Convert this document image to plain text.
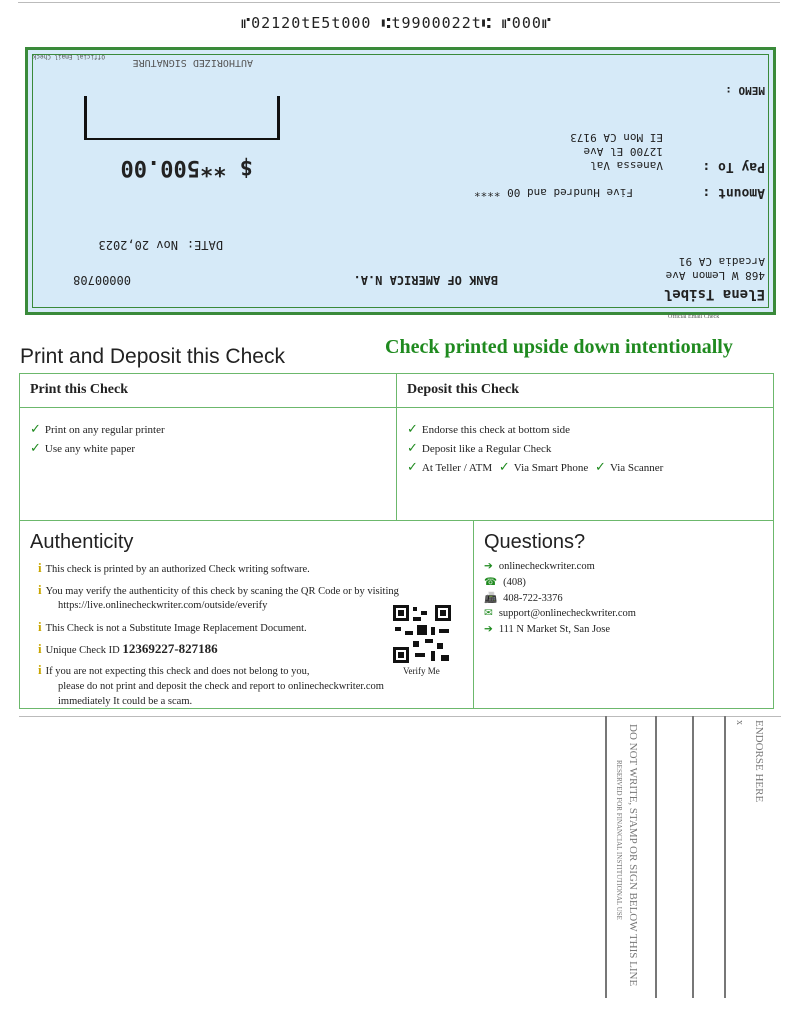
⑈02120tE5t000 ⑆t9900022t⑆ ⑈000⑈
Elena Tsibel
468 W Lemon Ave
Arcadia CA 91
BANK OF AMERICA N.A.
00000708
DATE:
Nov 20,2023
Amount :
Five Hundred and 00 ****
Pay To :
Vanessa Val
12700 El Ave
EI Mon CA 9173
$ **500.00
MEMO :
AUTHORIZED SIGNATURE
Official Email Check
Official Email Check
Print and Deposit this Check	Check printed upside down intentionally
Print this Check
✓ Print on any regular printer
✓ Use any white paper
Deposit this Check
✓ Endorse this check at bottom side
✓ Deposit like a Regular Check
✓ At Teller / ATM ✓ Via Smart Phone ✓ Via Scanner
Authenticity
i This check is printed by an authorized Check writing software.
i You may verify the authenticity of this check by scaning the QR Code or by visiting
https://live.onlinecheckwriter.com/outside/everify
i This Check is not a Substitute Image Replacement Document.
i Unique Check ID 12369227-827186
i If you are not expecting this check and does not belong to you,
please do not print and deposit the check and report to onlinecheckwriter.com
immediately It could be a scam.
Verify Me
Questions?
➔ onlinecheckwriter.com
☎ (408)
📠 408-722-3376
✉ support@onlinecheckwriter.com
➔ 111 N Market St, San Jose
DO NOT WRITE, STAMP OR SIGN BELOW THIS LINE
RESERVED FOR FINANCIAL INSTITUTIONAL USE	ENDORSE HERE
x
